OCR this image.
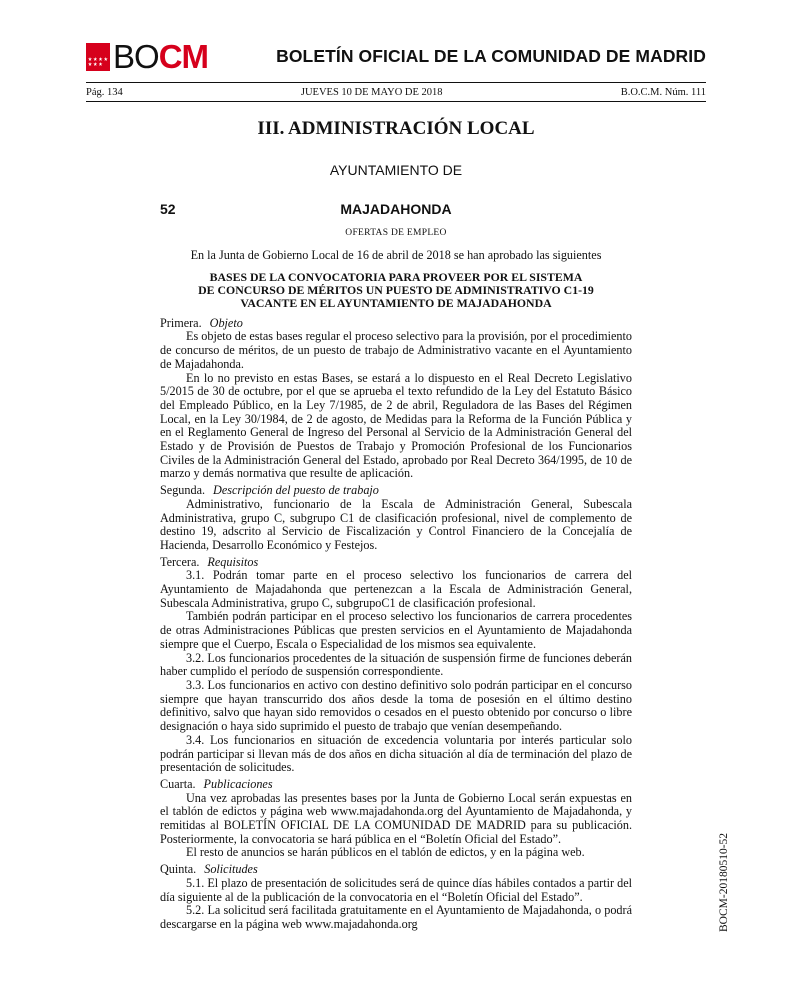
BOCM	BOLETÍN OFICIAL DE LA COMUNIDAD DE MADRID
Pág. 134	JUEVES 10 DE MAYO DE 2018	B.O.C.M. Núm. 111
III. ADMINISTRACIÓN LOCAL
AYUNTAMIENTO DE
52	MAJADAHONDA
OFERTAS DE EMPLEO

En la Junta de Gobierno Local de 16 de abril de 2018 se han aprobado las siguientes

BASES DE LA CONVOCATORIA PARA PROVEER POR EL SISTEMA
DE CONCURSO DE MÉRITOS UN PUESTO DE ADMINISTRATIVO C1-19
VACANTE EN EL AYUNTAMIENTO DE MAJADAHONDA

Primera. Objeto

Es objeto de estas bases regular el proceso selectivo para la provisión, por el procedimiento de concurso de méritos, de un puesto de trabajo de Administrativo vacante en el Ayuntamiento de Majadahonda.

En lo no previsto en estas Bases, se estará a lo dispuesto en el Real Decreto Legislativo 5/2015 de 30 de octubre, por el que se aprueba el texto refundido de la Ley del Estatuto Básico del Empleado Público, en la Ley 7/1985, de 2 de abril, Reguladora de las Bases del Régimen Local, en la Ley 30/1984, de 2 de agosto, de Medidas para la Reforma de la Función Pública y en el Reglamento General de Ingreso del Personal al Servicio de la Administración General del Estado y de Provisión de Puestos de Trabajo y Promoción Profesional de los Funcionarios Civiles de la Administración General del Estado, aprobado por Real Decreto 364/1995, de 10 de marzo y demás normativa que resulte de aplicación.

Segunda. Descripción del puesto de trabajo

Administrativo, funcionario de la Escala de Administración General, Subescala Administrativa, grupo C, subgrupo C1 de clasificación profesional, nivel de complemento de destino 19, adscrito al Servicio de Fiscalización y Control Financiero de la Concejalía de Hacienda, Desarrollo Económico y Festejos.

Tercera. Requisitos

3.1. Podrán tomar parte en el proceso selectivo los funcionarios de carrera del Ayuntamiento de Majadahonda que pertenezcan a la Escala de Administración General, Subescala Administrativa, grupo C, subgrupoC1 de clasificación profesional.

También podrán participar en el proceso selectivo los funcionarios de carrera procedentes de otras Administraciones Públicas que presten servicios en el Ayuntamiento de Majadahonda siempre que el Cuerpo, Escala o Especialidad de los mismos sea equivalente.

3.2. Los funcionarios procedentes de la situación de suspensión firme de funciones deberán haber cumplido el período de suspensión correspondiente.

3.3. Los funcionarios en activo con destino definitivo solo podrán participar en el concurso siempre que hayan transcurrido dos años desde la toma de posesión en el último destino definitivo, salvo que hayan sido removidos o cesados en el puesto obtenido por concurso o libre designación o haya sido suprimido el puesto de trabajo que venían desempeñando.

3.4. Los funcionarios en situación de excedencia voluntaria por interés particular solo podrán participar si llevan más de dos años en dicha situación al día de terminación del plazo de presentación de solicitudes.

Cuarta. Publicaciones

Una vez aprobadas las presentes bases por la Junta de Gobierno Local serán expuestas en el tablón de edictos y página web www.majadahonda.org del Ayuntamiento de Majadahonda, y remitidas al BOLETÍN OFICIAL DE LA COMUNIDAD DE MADRID para su publicación. Posteriormente, la convocatoria se hará pública en el “Boletín Oficial del Estado”.

El resto de anuncios se harán públicos en el tablón de edictos, y en la página web.

Quinta. Solicitudes

5.1. El plazo de presentación de solicitudes será de quince días hábiles contados a partir del día siguiente al de la publicación de la convocatoria en el “Boletín Oficial del Estado”.

5.2. La solicitud será facilitada gratuitamente en el Ayuntamiento de Majadahonda, o podrá descargarse en la página web www.majadahonda.org	BOCM-20180510-52
